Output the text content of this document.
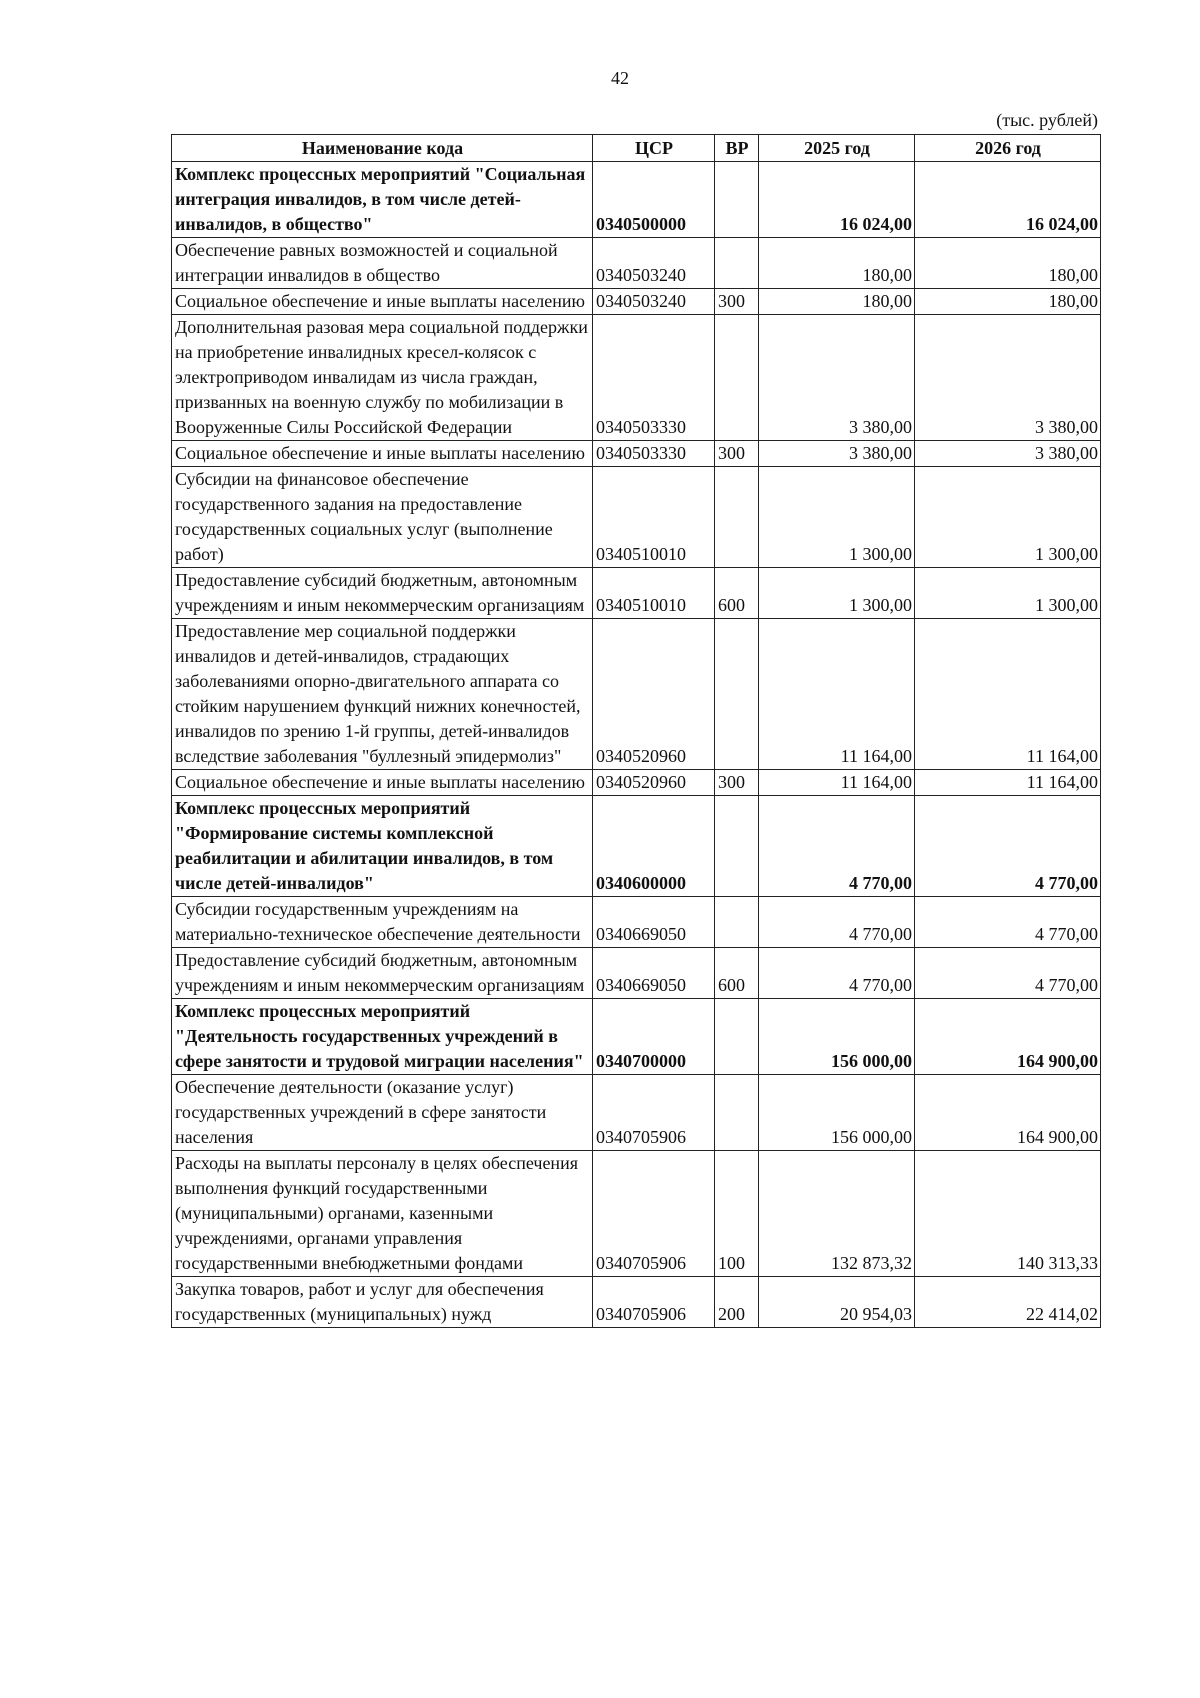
42
(тыс. рублей)
Наименование кода	ЦСР	ВР	2025 год	2026 год
Комплекс процессных мероприятий "Социальная интеграция инвалидов, в том числе детей-инвалидов, в общество"	0340500000		16 024,00	16 024,00
Обеспечение равных возможностей и социальной интеграции инвалидов в общество	0340503240		180,00	180,00
Социальное обеспечение и иные выплаты населению	0340503240	300	180,00	180,00
Дополнительная разовая мера социальной поддержки на приобретение инвалидных кресел-колясок с электроприводом инвалидам из числа граждан, призванных на военную службу по мобилизации в Вооруженные Силы Российской Федерации	0340503330		3 380,00	3 380,00
Социальное обеспечение и иные выплаты населению	0340503330	300	3 380,00	3 380,00
Субсидии на финансовое обеспечение государственного задания на предоставление государственных социальных услуг (выполнение работ)	0340510010		1 300,00	1 300,00
Предоставление субсидий бюджетным, автономным учреждениям и иным некоммерческим организациям	0340510010	600	1 300,00	1 300,00
Предоставление мер социальной поддержки инвалидов и детей-инвалидов, страдающих заболеваниями опорно-двигательного аппарата со стойким нарушением функций нижних конечностей, инвалидов по зрению 1-й группы, детей-инвалидов вследствие заболевания "буллезный эпидермолиз"	0340520960		11 164,00	11 164,00
Социальное обеспечение и иные выплаты населению	0340520960	300	11 164,00	11 164,00
Комплекс процессных мероприятий "Формирование системы комплексной реабилитации и абилитации инвалидов, в том числе детей-инвалидов"	0340600000		4 770,00	4 770,00
Субсидии государственным учреждениям на материально-техническое обеспечение деятельности	0340669050		4 770,00	4 770,00
Предоставление субсидий бюджетным, автономным учреждениям и иным некоммерческим организациям	0340669050	600	4 770,00	4 770,00
Комплекс процессных мероприятий "Деятельность государственных учреждений в сфере занятости и трудовой миграции населения"	0340700000		156 000,00	164 900,00
Обеспечение деятельности (оказание услуг) государственных учреждений в сфере занятости населения	0340705906		156 000,00	164 900,00
Расходы на выплаты персоналу в целях обеспечения выполнения функций государственными (муниципальными) органами, казенными учреждениями, органами управления государственными внебюджетными фондами	0340705906	100	132 873,32	140 313,33
Закупка товаров, работ и услуг для обеспечения государственных (муниципальных) нужд	0340705906	200	20 954,03	22 414,02
